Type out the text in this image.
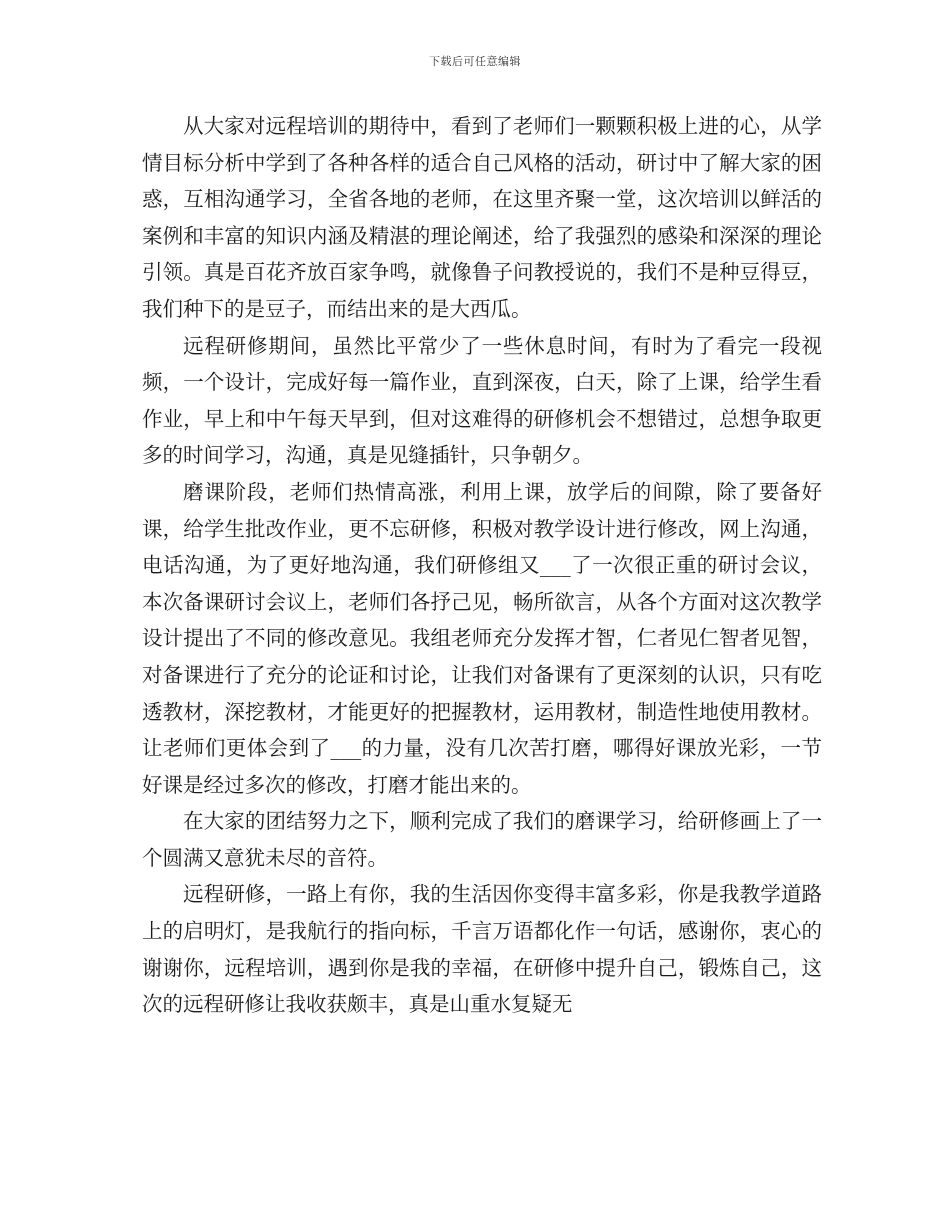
下载后可任意编辑

从大家对远程培训的期待中，看到了老师们一颗颗积极上进的心，从学情目标分析中学到了各种各样的适合自己风格的活动，研讨中了解大家的困惑，互相沟通学习，全省各地的老师，在这里齐聚一堂，这次培训以鲜活的案例和丰富的知识内涵及精湛的理论阐述，给了我强烈的感染和深深的理论引领。真是百花齐放百家争鸣，就像鲁子问教授说的，我们不是种豆得豆，我们种下的是豆子，而结出来的是大西瓜。

远程研修期间，虽然比平常少了一些休息时间，有时为了看完一段视频，一个设计，完成好每一篇作业，直到深夜，白天，除了上课，给学生看作业，早上和中午每天早到，但对这难得的研修机会不想错过，总想争取更多的时间学习，沟通，真是见缝插针，只争朝夕。

磨课阶段，老师们热情高涨，利用上课，放学后的间隙，除了要备好课，给学生批改作业，更不忘研修，积极对教学设计进行修改，网上沟通，电话沟通，为了更好地沟通，我们研修组又___了一次很正重的研讨会议，本次备课研讨会议上，老师们各抒己见，畅所欲言，从各个方面对这次教学设计提出了不同的修改意见。我组老师充分发挥才智，仁者见仁智者见智，对备课进行了充分的论证和讨论，让我们对备课有了更深刻的认识，只有吃透教材，深挖教材，才能更好的把握教材，运用教材，制造性地使用教材。让老师们更体会到了___的力量，没有几次苦打磨，哪得好课放光彩，一节好课是经过多次的修改，打磨才能出来的。

在大家的团结努力之下，顺利完成了我们的磨课学习，给研修画上了一个圆满又意犹未尽的音符。

远程研修，一路上有你，我的生活因你变得丰富多彩，你是我教学道路上的启明灯，是我航行的指向标，千言万语都化作一句话，感谢你，衷心的谢谢你，远程培训，遇到你是我的幸福，在研修中提升自己，锻炼自己，这次的远程研修让我收获颇丰，真是山重水复疑无
